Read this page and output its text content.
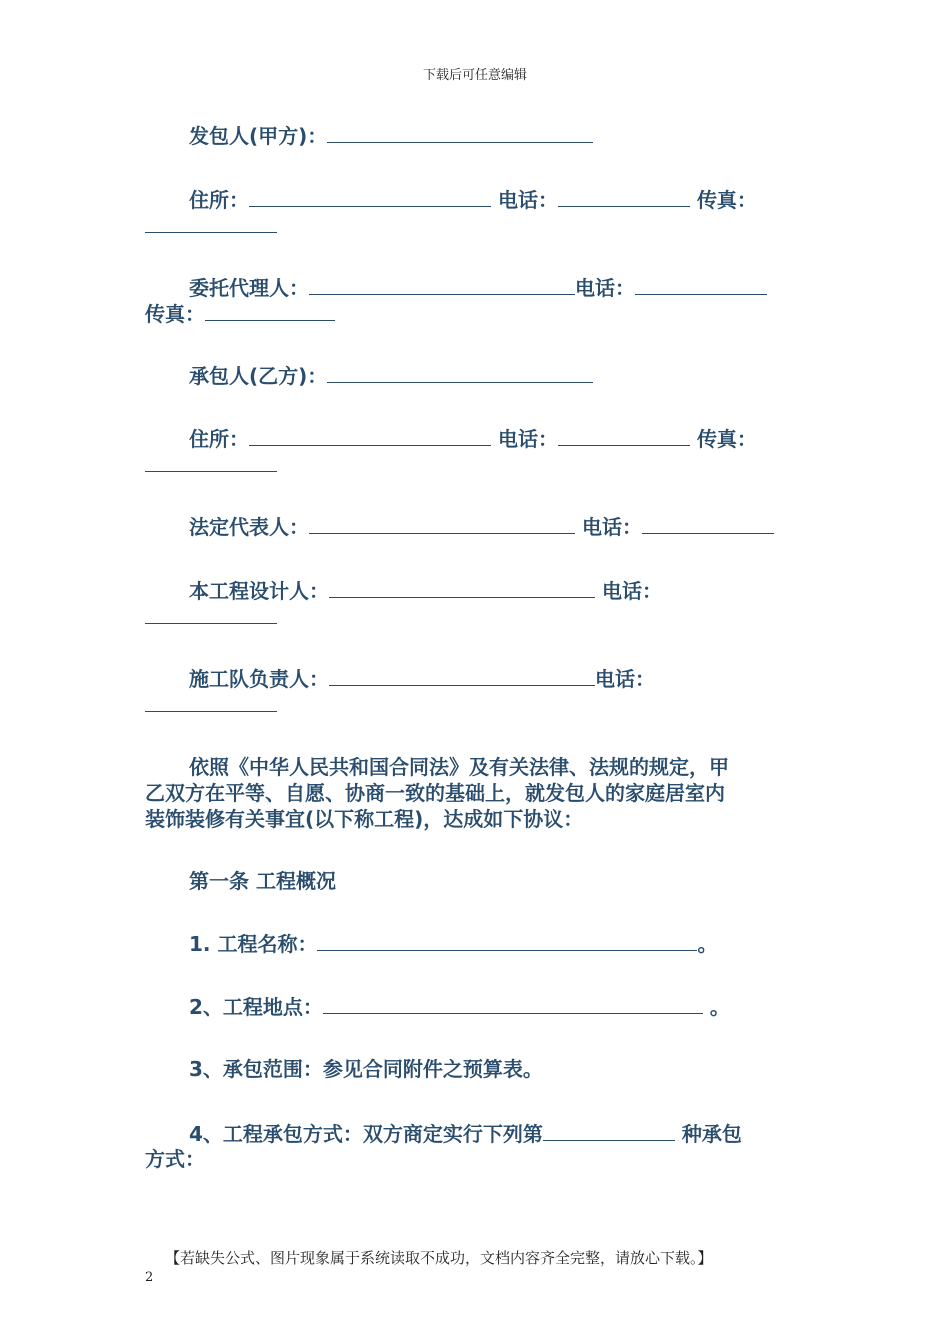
下载后可任意编辑
发包人(甲方)：
住所：	电话：	传真：
委托代理人：	电话：
传真：
承包人(乙方)：
住所：	电话：	传真：
法定代表人：	电话：
本工程设计人：	电话：
施工队负责人：	电话：
依照《中华人民共和国合同法》及有关法律、法规的规定，甲
乙双方在平等、自愿、协商一致的基础上，就发包人的家庭居室内
装饰装修有关事宜(以下称工程)，达成如下协议：
第一条 工程概况
1. 工程名称：	。
2、工程地点：	。
3、承包范围：参见合同附件之预算表。
4、工程承包方式：双方商定实行下列第	种承包
方式：
【若缺失公式、图片现象属于系统读取不成功，文档内容齐全完整，请放心下载。】
2
